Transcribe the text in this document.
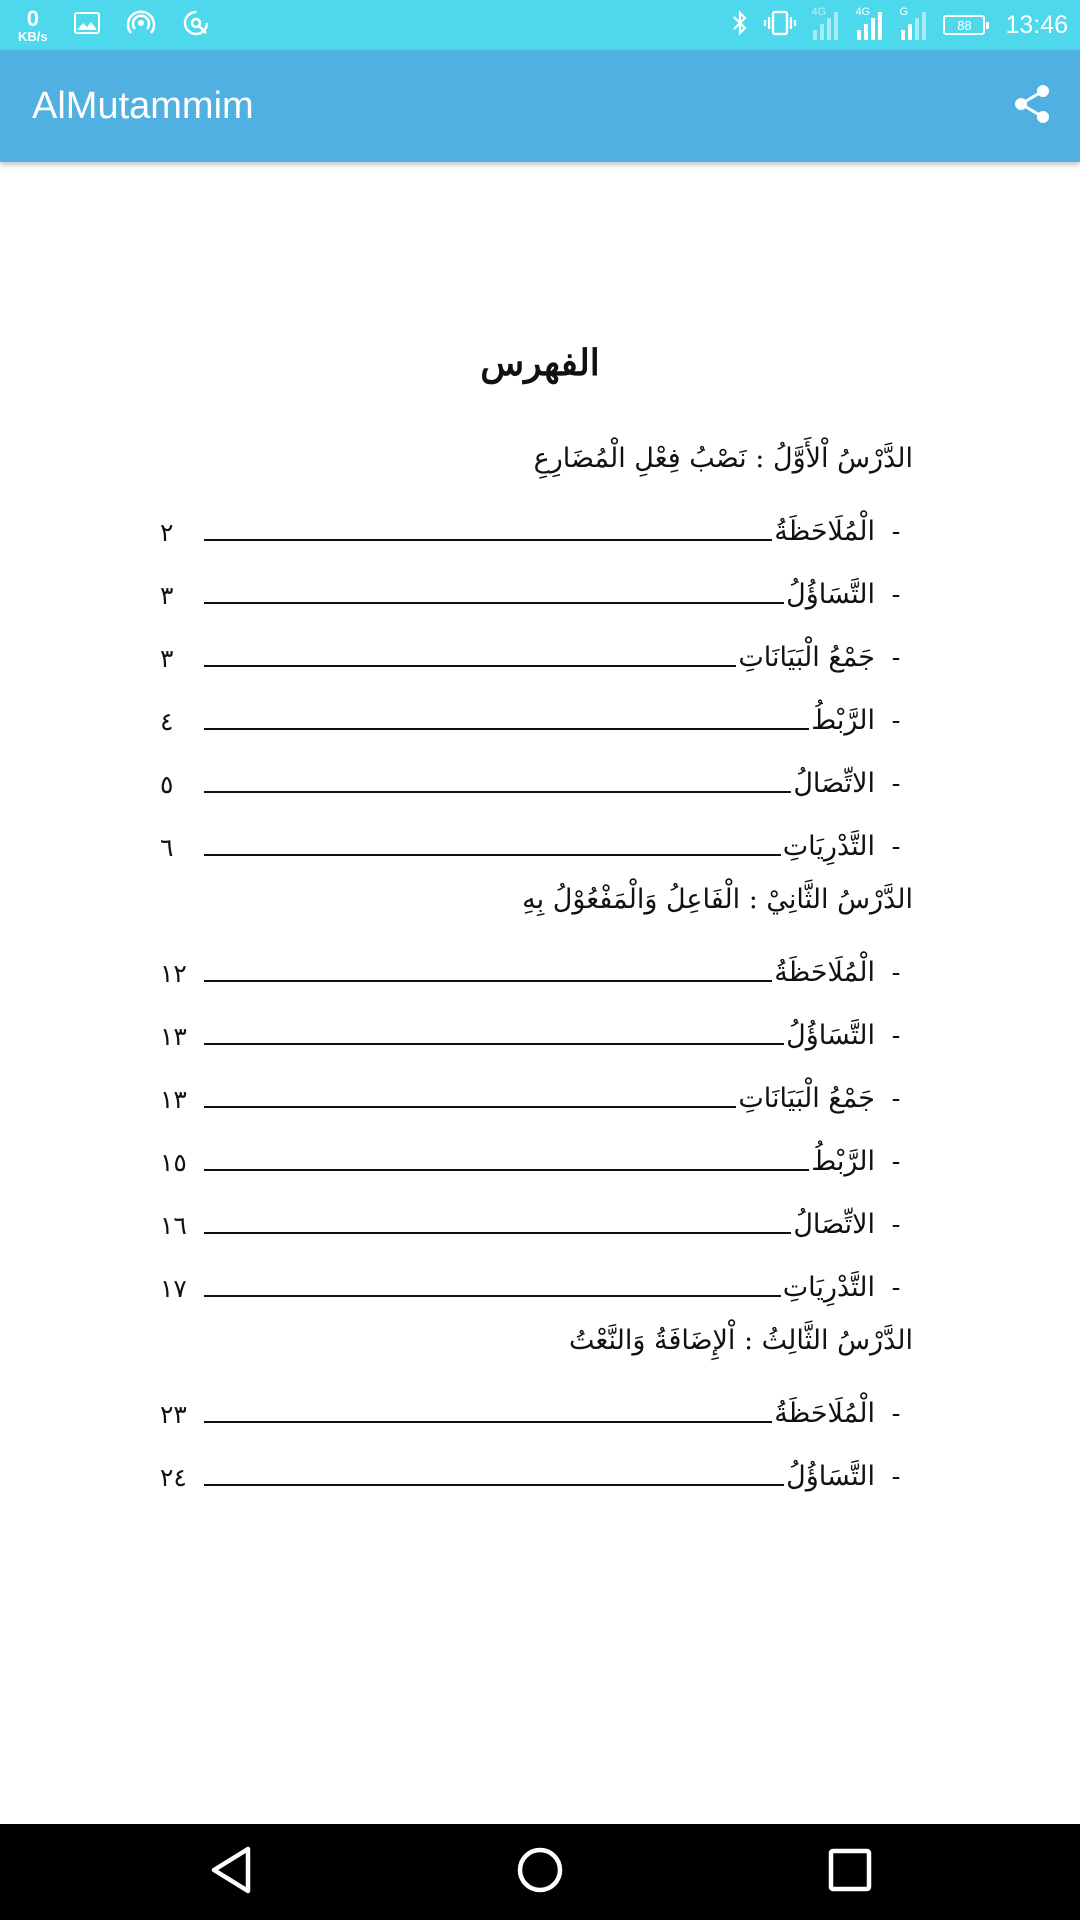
0
KB/s
4G	4G	G
88 13:46
AlMutammim
الفهرس
الدَّرْسُ اْلأَوَّلُ : نَصْبُ فِعْلِ الْمُضَارِعِ
-
الْمُلَاحَظَةُ
٢
-
التَّسَاؤُلُ
٣
-
جَمْعُ الْبَيَانَاتِ
٣
-
الرَّبْطُ
٤
-
الاتِّصَالُ
٥
-
التَّدْرِيَاتِ
٦
الدَّرْسُ الثَّانِيْ : الْفَاعِلُ وَالْمَفْعُوْلُ بِهِ
-
الْمُلَاحَظَةُ
١٢
-
التَّسَاؤُلُ
١٣
-
جَمْعُ الْبَيَانَاتِ
١٣
-
الرَّبْطُ
١٥
-
الاتِّصَالُ
١٦
-
التَّدْرِيَاتِ
١٧
الدَّرْسُ الثَّالِثُ : اْلإِضَافَةُ وَالنَّعْتُ
-
الْمُلَاحَظَةُ
٢٣
-
التَّسَاؤُلُ
٢٤
